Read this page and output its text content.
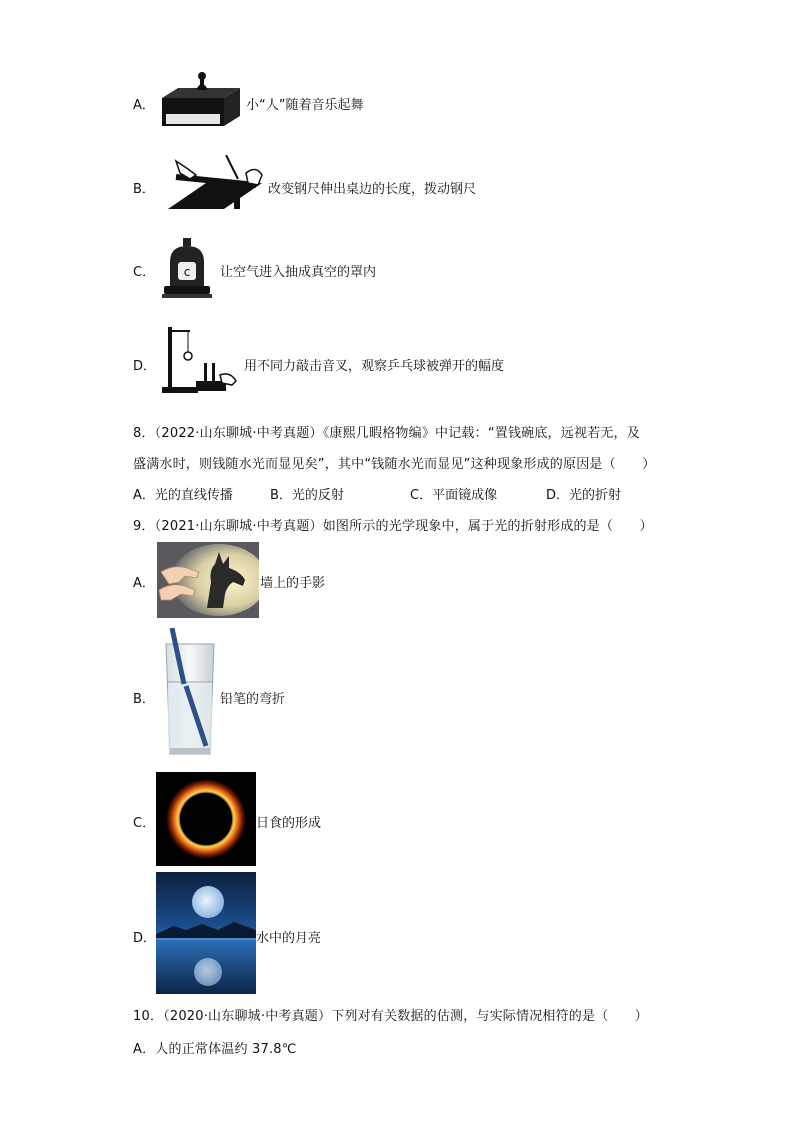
A．	小“人”随着音乐起舞
B．	改变钢尺伸出桌边的长度，拨动钢尺
C． c 让空气进入抽成真空的罩内
D．	用不同力敲击音叉，观察乒乓球被弹开的幅度
8．（2022·山东聊城·中考真题）《康熙几暇格物编》中记载：“置钱碗底，远视若无，及
盛满水时，则钱随水光而显见矣”，其中“钱随水光而显见”这种现象形成的原因是（　　）
A．光的直线传播	B．光的反射	C．平面镜成像	D．光的折射
9．（2021·山东聊城·中考真题）如图所示的光学现象中，属于光的折射形成的是（　　）
A．	墙上的手影
B．	铅笔的弯折
C．	日食的形成
D．	水中的月亮
10．（2020·山东聊城·中考真题）下列对有关数据的估测，与实际情况相符的是（　　）
A．人的正常体温约 37.8℃
